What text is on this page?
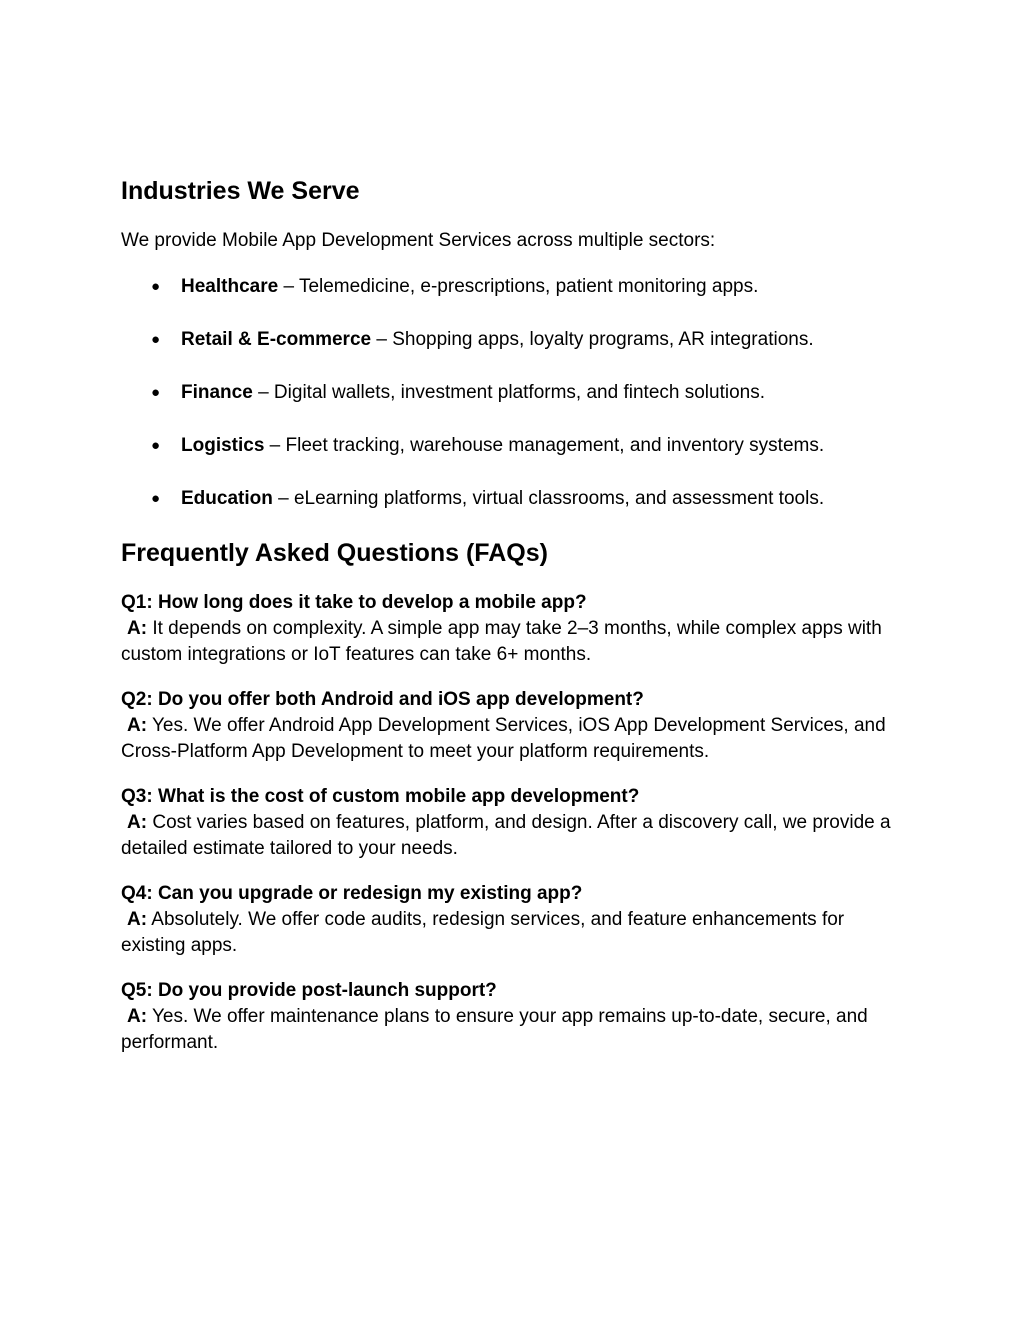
Industries We Serve

We provide Mobile App Development Services across multiple sectors:

● Healthcare – Telemedicine, e-prescriptions, patient monitoring apps.
● Retail & E-commerce – Shopping apps, loyalty programs, AR integrations.
● Finance – Digital wallets, investment platforms, and fintech solutions.
● Logistics – Fleet tracking, warehouse management, and inventory systems.
● Education – eLearning platforms, virtual classrooms, and assessment tools.
Frequently Asked Questions (FAQs)
Q1: How long does it take to develop a mobile app?
A: It depends on complexity. A simple app may take 2–3 months, while complex apps with custom integrations or IoT features can take 6+ months.
Q2: Do you offer both Android and iOS app development?
A: Yes. We offer Android App Development Services, iOS App Development Services, and Cross-Platform App Development to meet your platform requirements.
Q3: What is the cost of custom mobile app development?
A: Cost varies based on features, platform, and design. After a discovery call, we provide a detailed estimate tailored to your needs.
Q4: Can you upgrade or redesign my existing app?
A: Absolutely. We offer code audits, redesign services, and feature enhancements for existing apps.
Q5: Do you provide post-launch support?
A: Yes. We offer maintenance plans to ensure your app remains up-to-date, secure, and performant.
